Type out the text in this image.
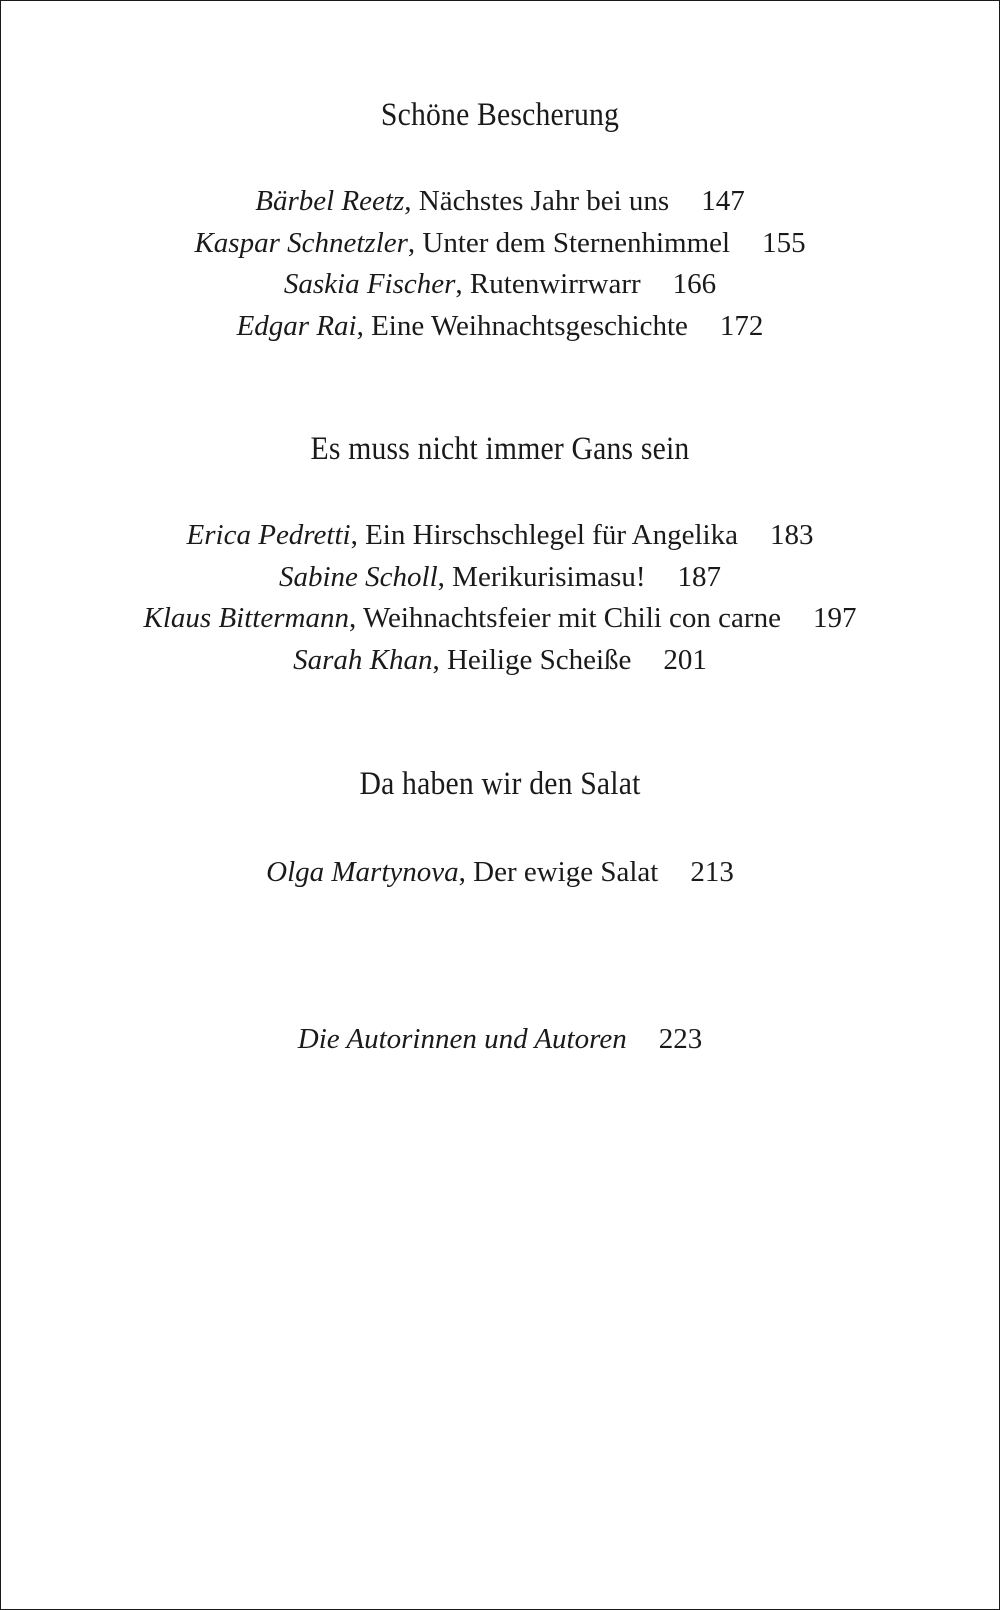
Schöne Bescherung
Bärbel Reetz, Nächstes Jahr bei uns 147
Kaspar Schnetzler, Unter dem Sternenhimmel 155
Saskia Fischer, Rutenwirrwarr 166
Edgar Rai, Eine Weihnachtsgeschichte 172
Es muss nicht immer Gans sein
Erica Pedretti, Ein Hirschschlegel für Angelika 183
Sabine Scholl, Merikurisimasu! 187
Klaus Bittermann, Weihnachtsfeier mit Chili con carne 197
Sarah Khan, Heilige Scheiße 201
Da haben wir den Salat
Olga Martynova, Der ewige Salat 213
Die Autorinnen und Autoren 223
